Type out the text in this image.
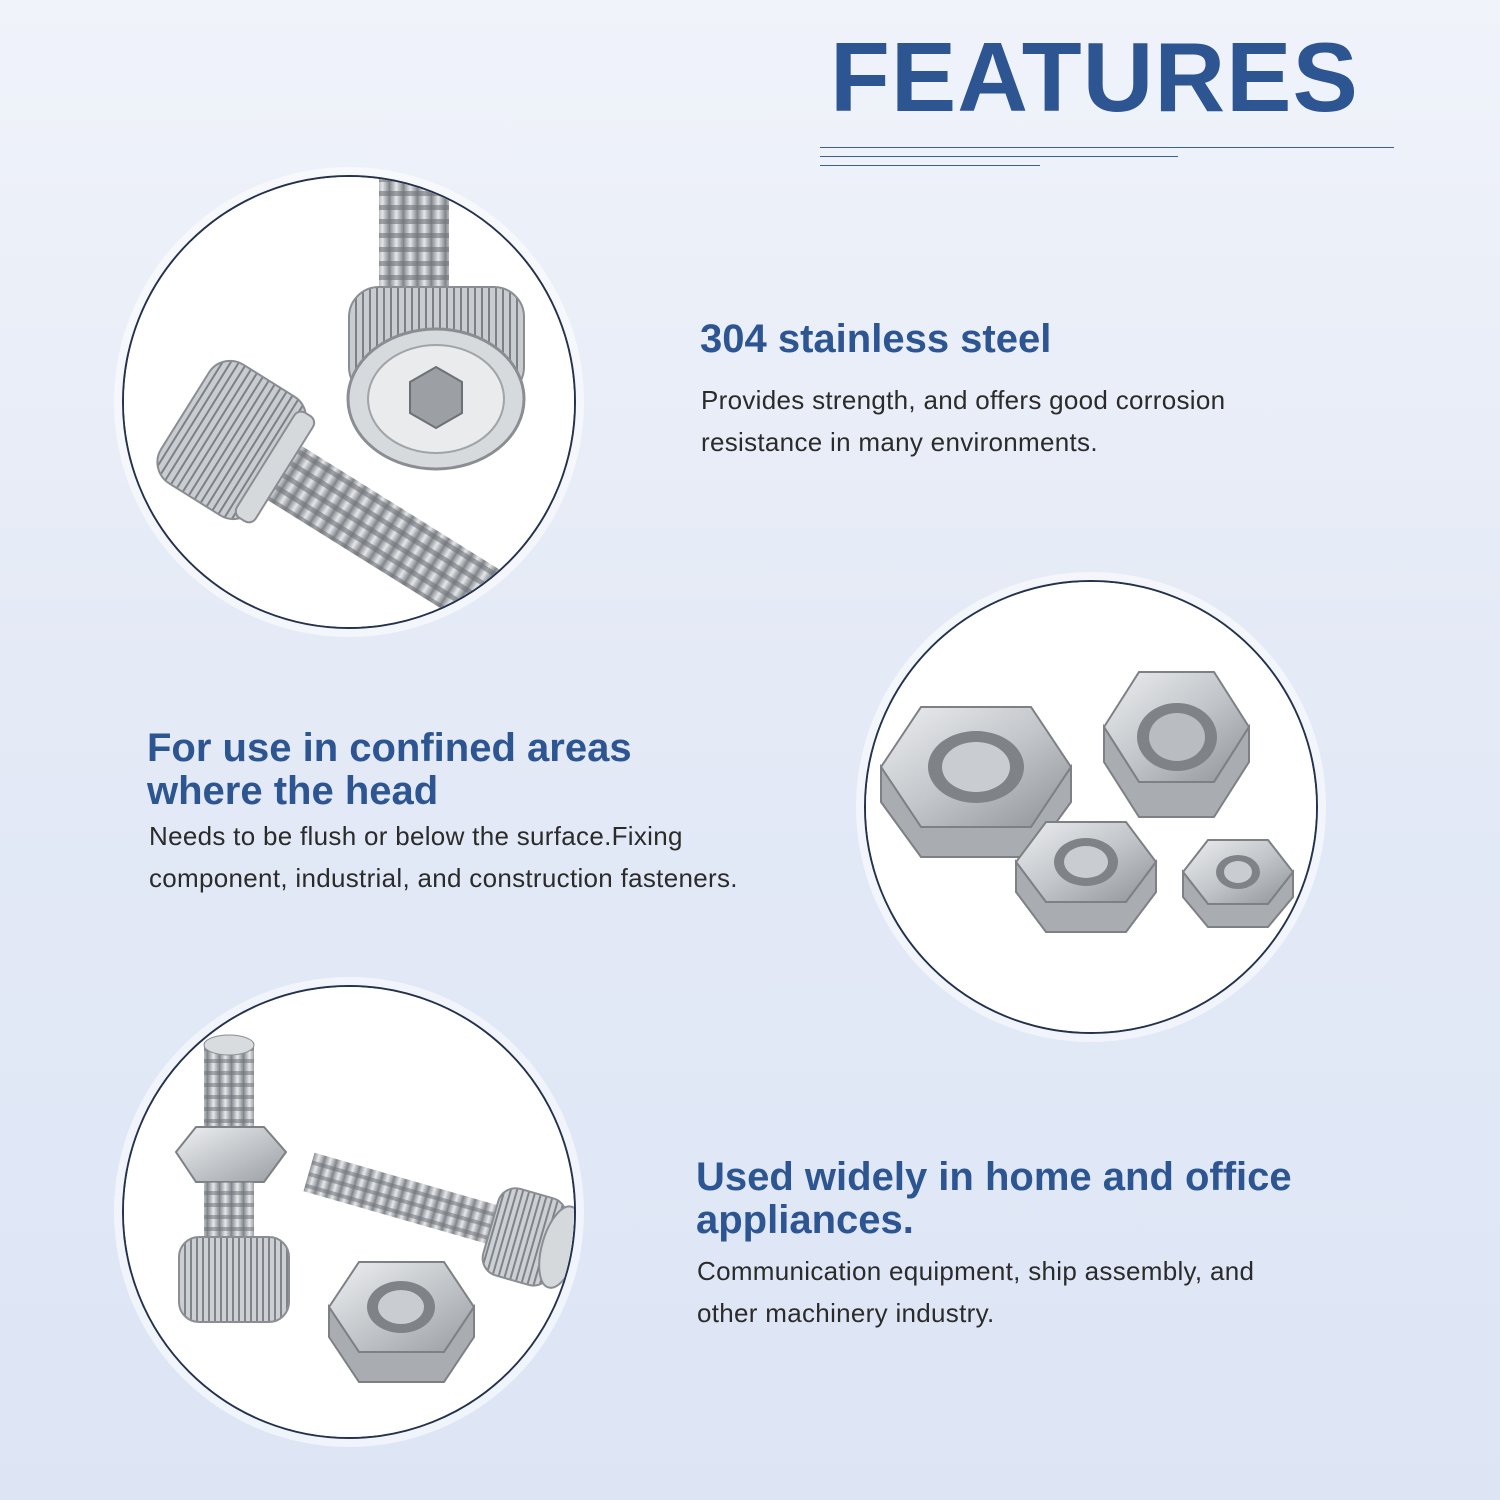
FEATURES
304 stainless steel

Provides strength, and offers good corrosion
resistance in many environments.

For use in confined areas
where the head

Needs to be flush or below the surface.Fixing
component, industrial, and construction fasteners.

Used widely in home and office
appliances.

Communication equipment, ship assembly, and
other machinery industry.
